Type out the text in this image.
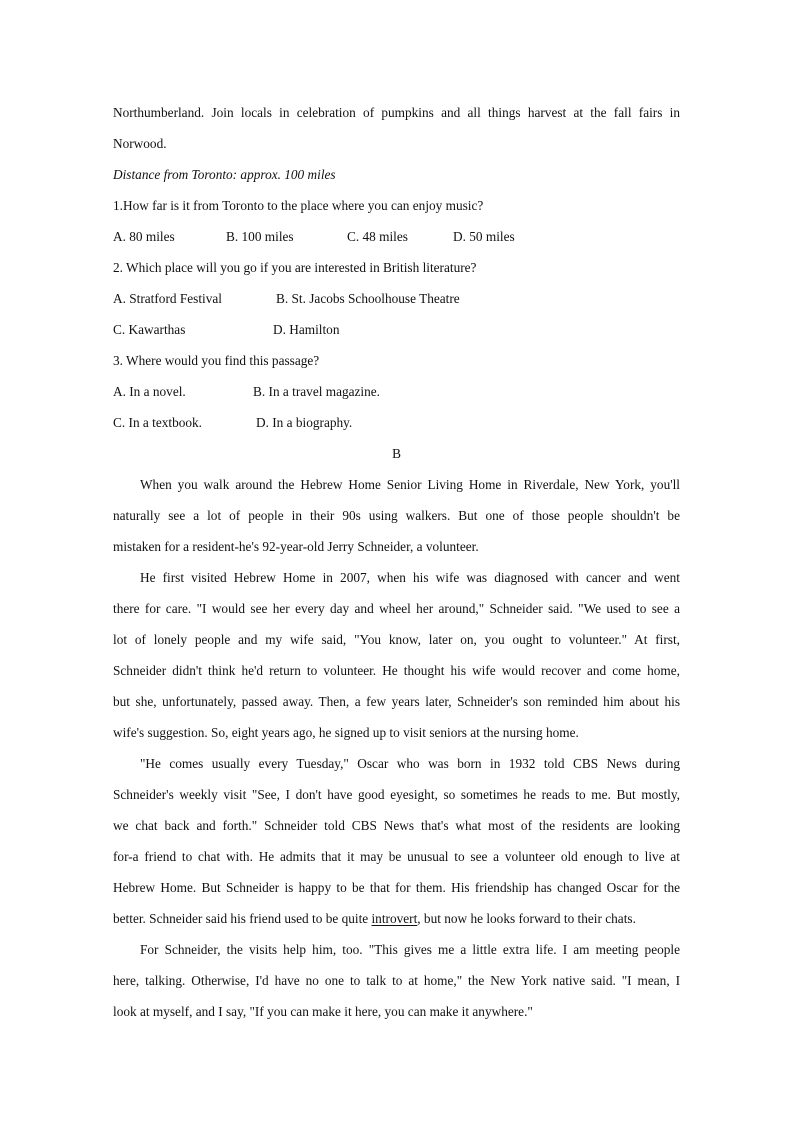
Northumberland. Join locals in celebration of pumpkins and all things harvest at the fall fairs in
Norwood.
Distance from Toronto: approx. 100 miles
1.How far is it from Toronto to the place where you can enjoy music?
A. 80 miles	B. 100 miles	C. 48 miles	D. 50 miles
2. Which place will you go if you are interested in British literature?
A. Stratford Festival	B. St. Jacobs Schoolhouse Theatre
C. Kawarthas	D. Hamilton
3. Where would you find this passage?
A. In a novel.	B. In a travel magazine.
C. In a textbook.	D. In a biography.
B
When you walk around the Hebrew Home Senior Living Home in Riverdale, New York, you'll
naturally see a lot of people in their 90s using walkers. But one of those people shouldn't be
mistaken for a resident-he's 92-year-old Jerry Schneider, a volunteer.
He first visited Hebrew Home in 2007, when his wife was diagnosed with cancer and went
there for care. "I would see her every day and wheel her around," Schneider said. "We used to see a
lot of lonely people and my wife said, "You know, later on, you ought to volunteer." At first,
Schneider didn't think he'd return to volunteer. He thought his wife would recover and come home,
but she, unfortunately, passed away. Then, a few years later, Schneider's son reminded him about his
wife's suggestion. So, eight years ago, he signed up to visit seniors at the nursing home.
"He comes usually every Tuesday," Oscar who was born in 1932 told CBS News during
Schneider's weekly visit "See, I don't have good eyesight, so sometimes he reads to me. But mostly,
we chat back and forth." Schneider told CBS News that's what most of the residents are looking
for-a friend to chat with. He admits that it may be unusual to see a volunteer old enough to live at
Hebrew Home. But Schneider is happy to be that for them. His friendship has changed Oscar for the
better. Schneider said his friend used to be quite introvert, but now he looks forward to their chats.
For Schneider, the visits help him, too. "This gives me a little extra life. I am meeting people
here, talking. Otherwise, I'd have no one to talk to at home," the New York native said. "I mean, I
look at myself, and I say, "If you can make it here, you can make it anywhere."
